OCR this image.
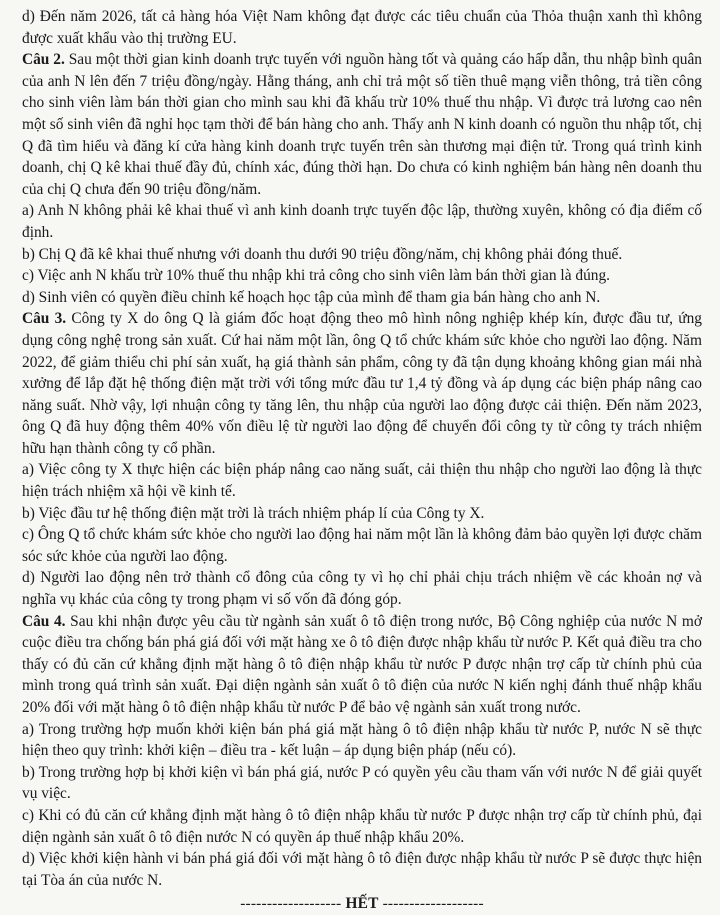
d) Đến năm 2026, tất cả hàng hóa Việt Nam không đạt được các tiêu chuẩn của Thỏa thuận xanh thì không được xuất khẩu vào thị trường EU.

Câu 2. Sau một thời gian kinh doanh trực tuyến với nguồn hàng tốt và quảng cáo hấp dẫn, thu nhập bình quân của anh N lên đến 7 triệu đồng/ngày. Hằng tháng, anh chỉ trả một số tiền thuê mạng viễn thông, trả tiền công cho sinh viên làm bán thời gian cho mình sau khi đã khấu trừ 10% thuế thu nhập. Vì được trả lương cao nên một số sinh viên đã nghỉ học tạm thời để bán hàng cho anh. Thấy anh N kinh doanh có nguồn thu nhập tốt, chị Q đã tìm hiểu và đăng kí cửa hàng kinh doanh trực tuyến trên sàn thương mại điện tử. Trong quá trình kinh doanh, chị Q kê khai thuế đầy đủ, chính xác, đúng thời hạn. Do chưa có kinh nghiệm bán hàng nên doanh thu của chị Q chưa đến 90 triệu đồng/năm.

a) Anh N không phải kê khai thuế vì anh kinh doanh trực tuyến độc lập, thường xuyên, không có địa điểm cố định.

b) Chị Q đã kê khai thuế nhưng với doanh thu dưới 90 triệu đồng/năm, chị không phải đóng thuế.

c) Việc anh N khấu trừ 10% thuế thu nhập khi trả công cho sinh viên làm bán thời gian là đúng.

d) Sinh viên có quyền điều chỉnh kế hoạch học tập của mình để tham gia bán hàng cho anh N.

Câu 3. Công ty X do ông Q là giám đốc hoạt động theo mô hình nông nghiệp khép kín, được đầu tư, ứng dụng công nghệ trong sản xuất. Cứ hai năm một lần, ông Q tổ chức khám sức khỏe cho người lao động. Năm 2022, để giảm thiểu chi phí sản xuất, hạ giá thành sản phẩm, công ty đã tận dụng khoảng không gian mái nhà xưởng để lắp đặt hệ thống điện mặt trời với tổng mức đầu tư 1,4 tỷ đồng và áp dụng các biện pháp nâng cao năng suất. Nhờ vậy, lợi nhuận công ty tăng lên, thu nhập của người lao động được cải thiện. Đến năm 2023, ông Q đã huy động thêm 40% vốn điều lệ từ người lao động để chuyển đổi công ty từ công ty trách nhiệm hữu hạn thành công ty cổ phần.

a) Việc công ty X thực hiện các biện pháp nâng cao năng suất, cải thiện thu nhập cho người lao động là thực hiện trách nhiệm xã hội về kinh tế.

b) Việc đầu tư hệ thống điện mặt trời là trách nhiệm pháp lí của Công ty X.

c) Ông Q tổ chức khám sức khỏe cho người lao động hai năm một lần là không đảm bảo quyền lợi được chăm sóc sức khỏe của người lao động.

d) Người lao động nên trở thành cổ đông của công ty vì họ chỉ phải chịu trách nhiệm về các khoản nợ và nghĩa vụ khác của công ty trong phạm vi số vốn đã đóng góp.

Câu 4. Sau khi nhận được yêu cầu từ ngành sản xuất ô tô điện trong nước, Bộ Công nghiệp của nước N mở cuộc điều tra chống bán phá giá đối với mặt hàng xe ô tô điện được nhập khẩu từ nước P. Kết quả điều tra cho thấy có đủ căn cứ khẳng định mặt hàng ô tô điện nhập khẩu từ nước P được nhận trợ cấp từ chính phủ của mình trong quá trình sản xuất. Đại diện ngành sản xuất ô tô điện của nước N kiến nghị đánh thuế nhập khẩu 20% đối với mặt hàng ô tô điện nhập khẩu từ nước P để bảo vệ ngành sản xuất trong nước.

a) Trong trường hợp muốn khởi kiện bán phá giá mặt hàng ô tô điện nhập khẩu từ nước P, nước N sẽ thực hiện theo quy trình: khởi kiện – điều tra - kết luận – áp dụng biện pháp (nếu có).

b) Trong trường hợp bị khởi kiện vì bán phá giá, nước P có quyền yêu cầu tham vấn với nước N để giải quyết vụ việc.

c) Khi có đủ căn cứ khẳng định mặt hàng ô tô điện nhập khẩu từ nước P được nhận trợ cấp từ chính phủ, đại diện ngành sản xuất ô tô điện nước N có quyền áp thuế nhập khẩu 20%.

d) Việc khởi kiện hành vi bán phá giá đối với mặt hàng ô tô điện được nhập khẩu từ nước P sẽ được thực hiện tại Tòa án của nước N.

------------------- HẾT -------------------
